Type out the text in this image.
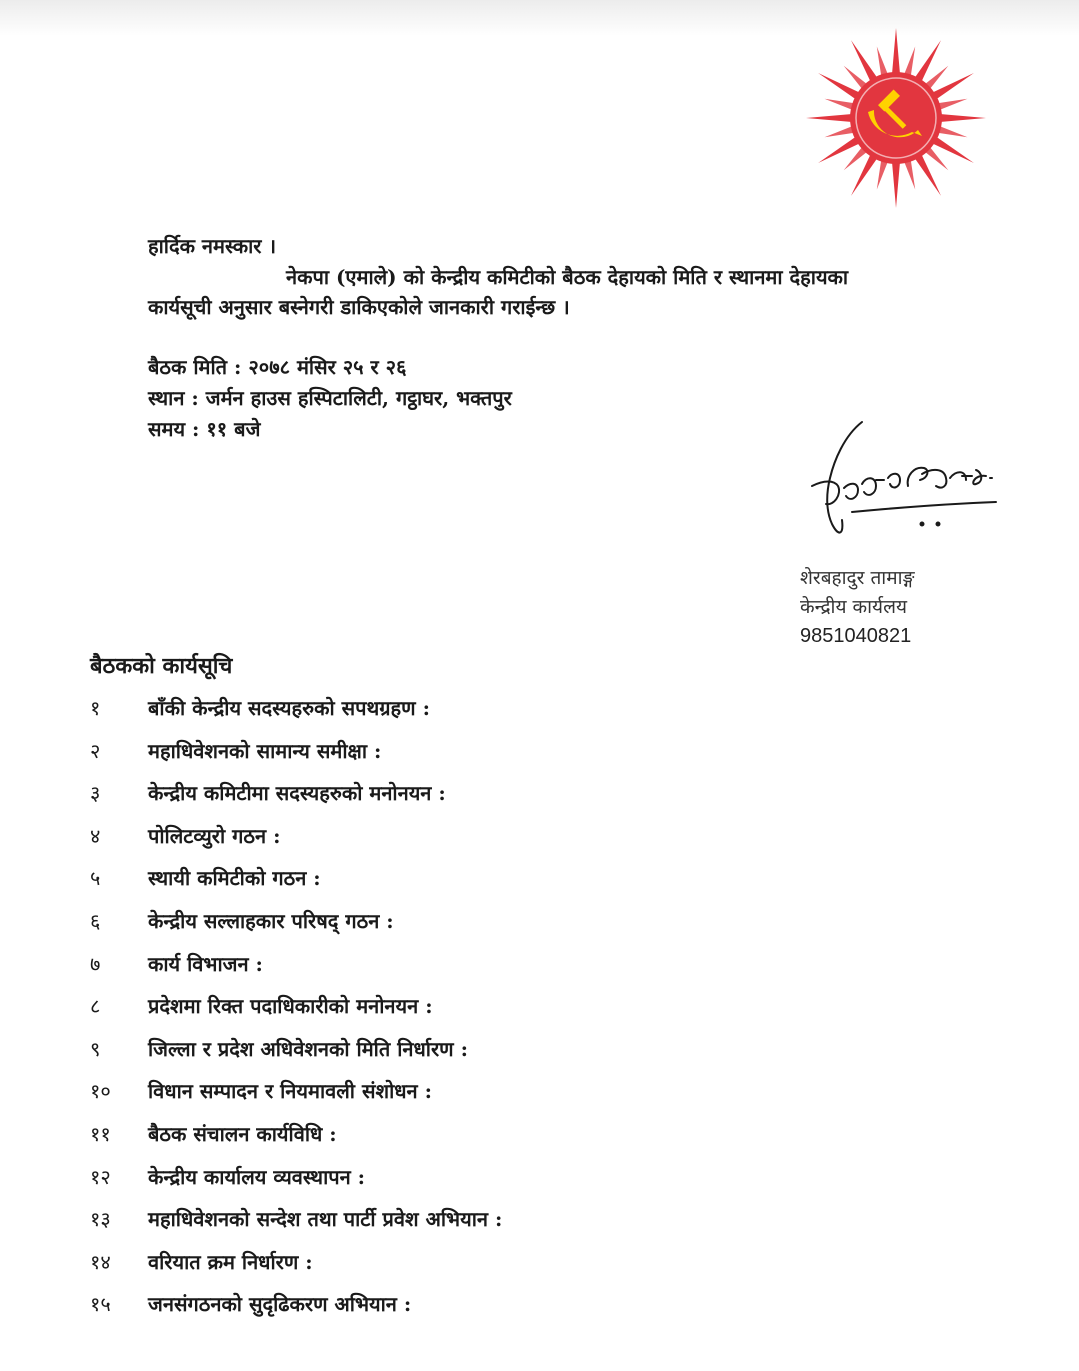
हार्दिक नमस्कार ।
नेकपा (एमाले) को केन्द्रीय कमिटीको बैठक देहायको मिति र स्थानमा देहायका
कार्यसूची अनुसार बस्नेगरी डाकिएकोले जानकारी गराईन्छ ।
बैठक मिति : २०७८ मंसिर २५ र २६
स्थान : जर्मन हाउस हस्पिटालिटी, गट्ठाघर, भक्तपुर
समय : ११ बजे
शेरबहादुर तामाङ्ग
केन्द्रीय कार्यलय
9851040821
बैठकको कार्यसूचि
१ बाँकी केन्द्रीय सदस्यहरुको सपथग्रहण :
२ महाधिवेशनको सामान्य समीक्षा :
३ केन्द्रीय कमिटीमा सदस्यहरुको मनोनयन :
४ पोलिटव्युरो गठन :
५ स्थायी कमिटीको गठन :
६ केन्द्रीय सल्लाहकार परिषद् गठन :
७ कार्य विभाजन :
८ प्रदेशमा रिक्त पदाधिकारीको मनोनयन :
९ जिल्ला र प्रदेश अधिवेशनको मिति निर्धारण :
१० विधान सम्पादन र नियमावली संशोधन :
११ बैठक संचालन कार्यविधि :
१२ केन्द्रीय कार्यालय व्यवस्थापन :
१३ महाधिवेशनको सन्देश तथा पार्टी प्रवेश अभियान :
१४ वरियात क्रम निर्धारण :
१५ जनसंगठनको सुदृढिकरण अभियान :
